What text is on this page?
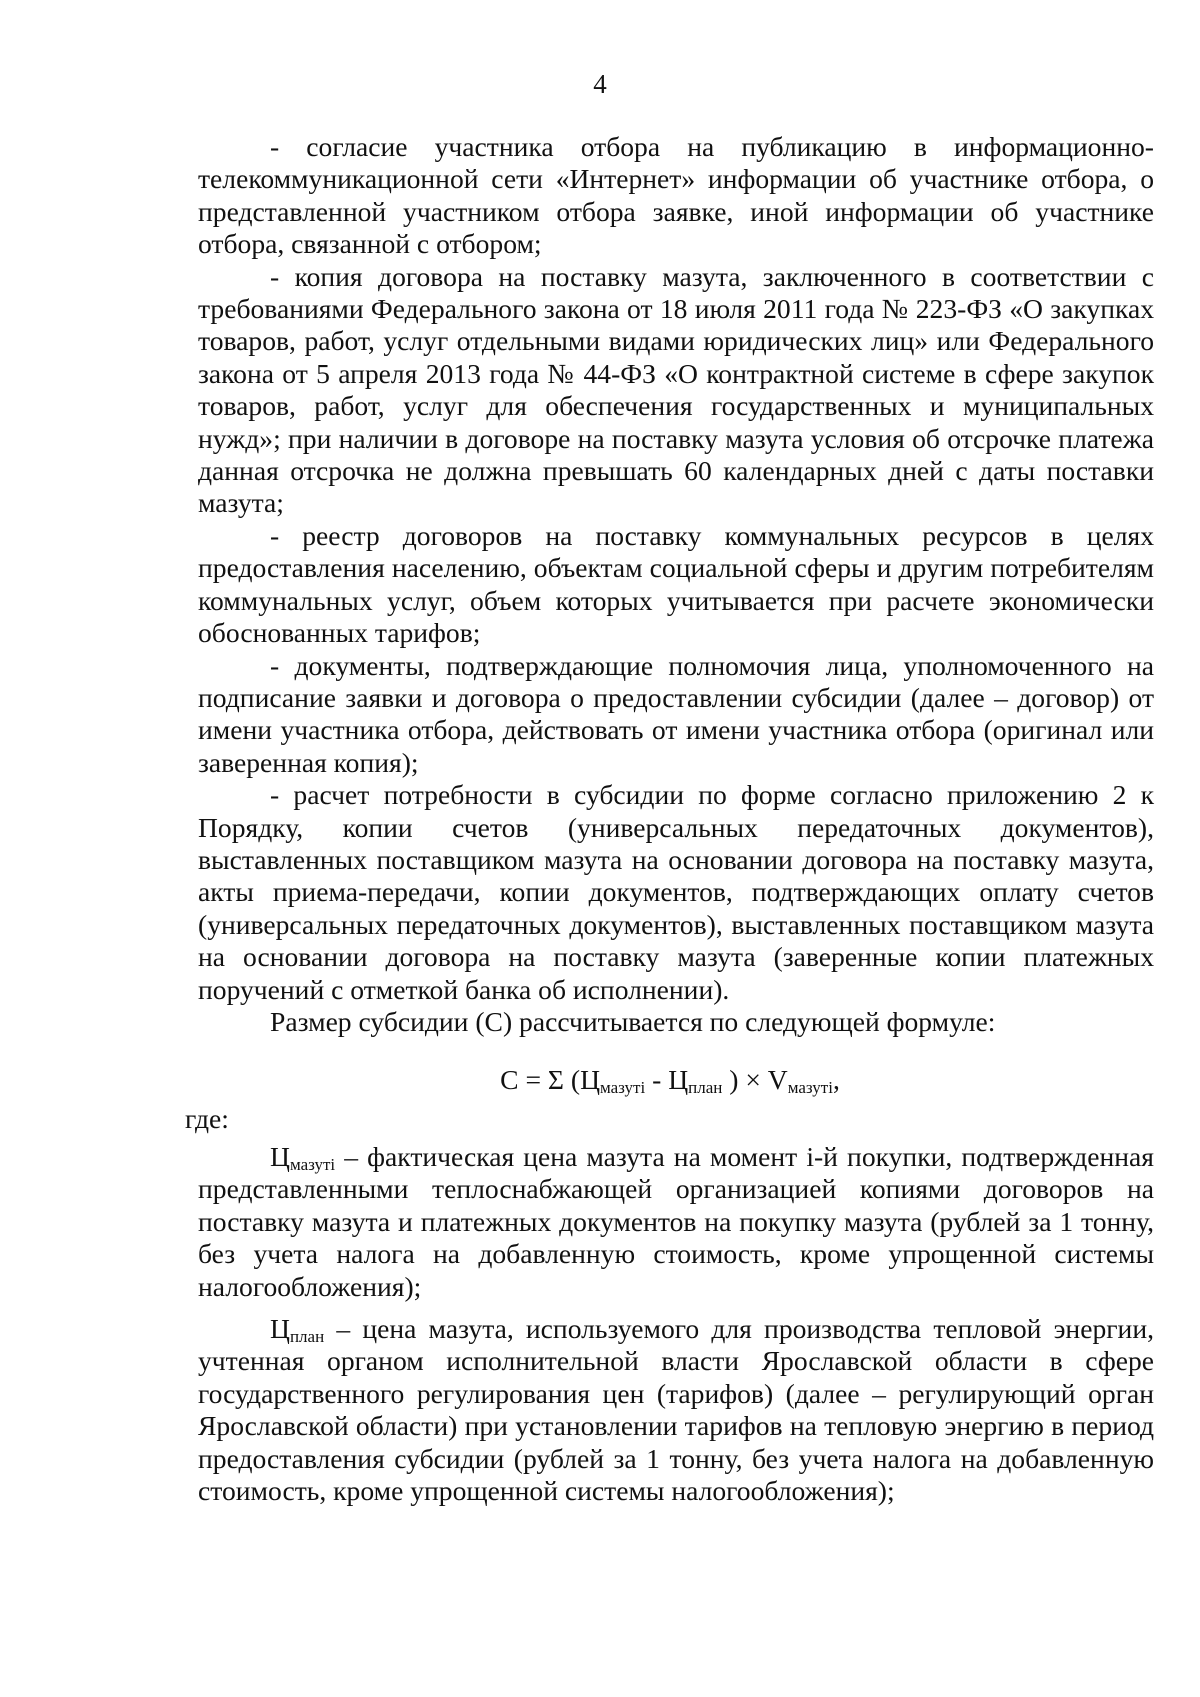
4

- согласие участника отбора на публикацию в информационно-телекоммуникационной сети «Интернет» информации об участнике отбора, о представленной участником отбора заявке, иной информации об участнике отбора, связанной с отбором;

- копия договора на поставку мазута, заключенного в соответствии с требованиями Федерального закона от 18 июля 2011 года № 223-ФЗ «О закупках товаров, работ, услуг отдельными видами юридических лиц» или Федерального закона от 5 апреля 2013 года № 44-ФЗ «О контрактной системе в сфере закупок товаров, работ, услуг для обеспечения государственных и муниципальных нужд»; при наличии в договоре на поставку мазута условия об отсрочке платежа данная отсрочка не должна превышать 60 календарных дней с даты поставки мазута;

- реестр договоров на поставку коммунальных ресурсов в целях предоставления населению, объектам социальной сферы и другим потребителям коммунальных услуг, объем которых учитывается при расчете экономически обоснованных тарифов;

- документы, подтверждающие полномочия лица, уполномоченного на подписание заявки и договора о предоставлении субсидии (далее – договор) от имени участника отбора, действовать от имени участника отбора (оригинал или заверенная копия);

- расчет потребности в субсидии по форме согласно приложению 2 к Порядку, копии счетов (универсальных передаточных документов), выставленных поставщиком мазута на основании договора на поставку мазута, акты приема-передачи, копии документов, подтверждающих оплату счетов (универсальных передаточных документов), выставленных поставщиком мазута на основании договора на поставку мазута (заверенные копии платежных поручений с отметкой банка об исполнении).

Размер субсидии (С) рассчитывается по следующей формуле:

С = Σ ($Ц_{мазутi} - Ц_{план}$ ) × $V_{мазутi}$,
где:

$Ц_{мазутi}$ – фактическая цена мазута на момент i-й покупки, подтвержденная представленными теплоснабжающей организацией копиями договоров на поставку мазута и платежных документов на покупку мазута (рублей за 1 тонну, без учета налога на добавленную стоимость, кроме упрощенной системы налогообложения);

$Ц_{план}$ – цена мазута, используемого для производства тепловой энергии, учтенная органом исполнительной власти Ярославской области в сфере государственного регулирования цен (тарифов) (далее – регулирующий орган Ярославской области) при установлении тарифов на тепловую энергию в период предоставления субсидии (рублей за 1 тонну, без учета налога на добавленную стоимость, кроме упрощенной системы налогообложения);
